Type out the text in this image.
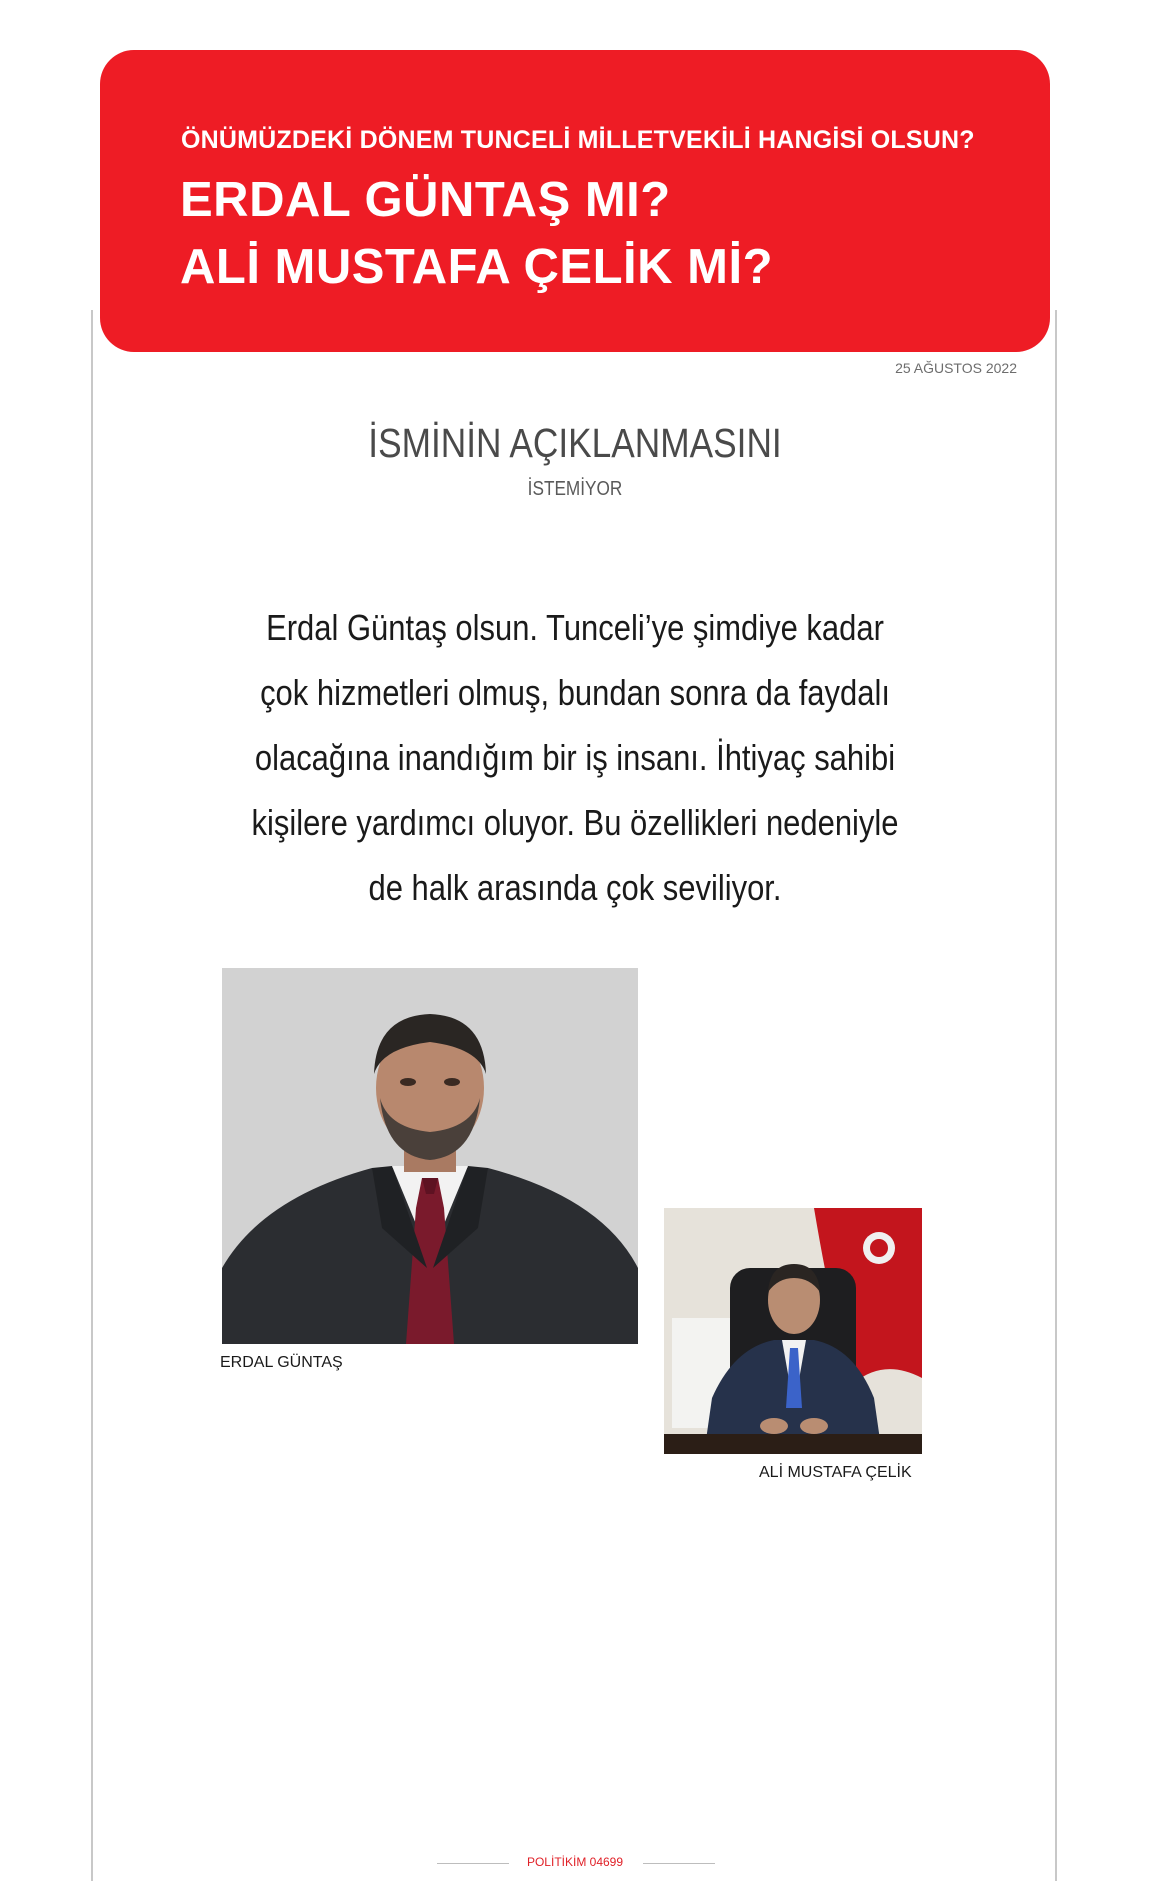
ÖNÜMÜZDEKİ DÖNEM TUNCELİ MİLLETVEKİLİ HANGİSİ OLSUN?
ERDAL GÜNTAŞ MI?
ALİ MUSTAFA ÇELİK Mİ?
25 AĞUSTOS 2022
İSMİNİN AÇIKLANMASINI
İSTEMİYOR
Erdal Güntaş olsun. Tunceli’ye şimdiye kadar
çok hizmetleri olmuş, bundan sonra da faydalı
olacağına inandığım bir iş insanı. İhtiyaç sahibi
kişilere yardımcı oluyor. Bu özellikleri nedeniyle
de halk arasında çok seviliyor.
ERDAL GÜNTAŞ
ALİ MUSTAFA ÇELİK
POLİTİKİM 04699
